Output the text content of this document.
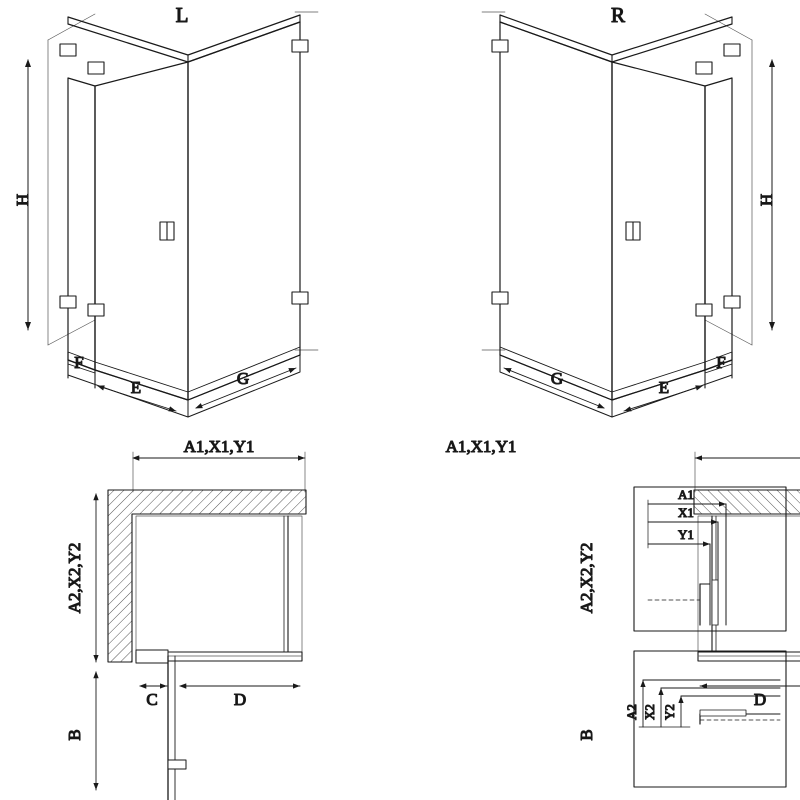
H
F
E	G
L	R
H
F
E
G
A1,X1,Y1
A2,X2,Y2
C	D
B
A1,X1,Y1
A2,X2,Y2
D
B
A1
X1
Y1
A2 X2 Y2
